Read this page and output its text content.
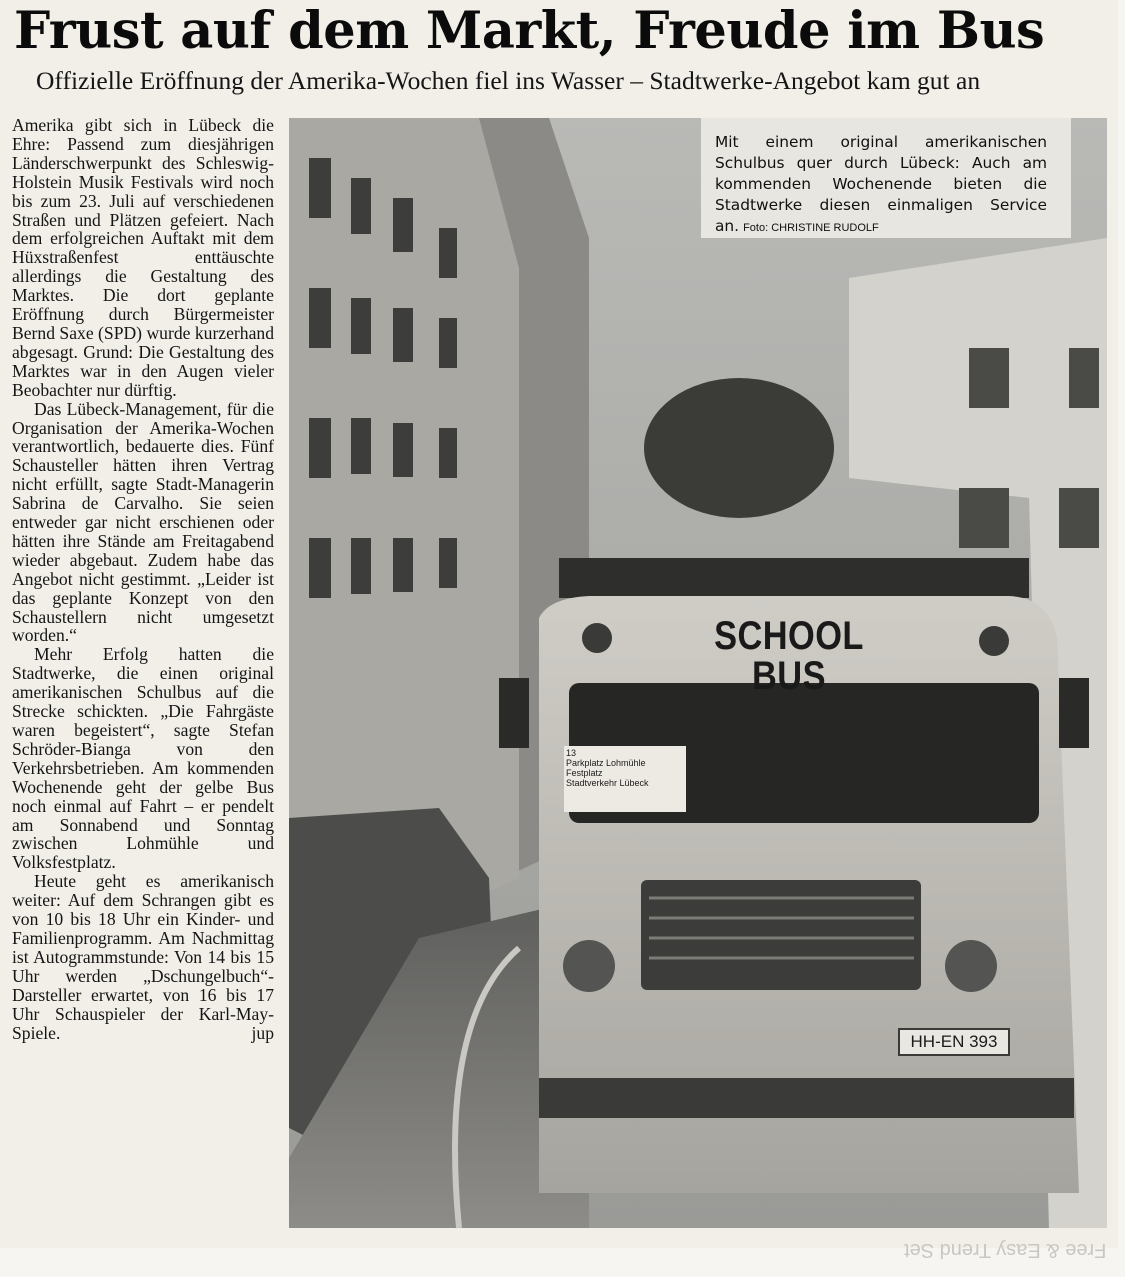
Frust auf dem Markt, Freude im Bus
Offizielle Eröffnung der Amerika-Wochen fiel ins Wasser – Stadtwerke-Angebot kam gut an

Amerika gibt sich in Lübeck die Ehre: Passend zum diesjährigen Länderschwerpunkt des Schleswig-Holstein Musik Festivals wird noch bis zum 23. Juli auf verschiedenen Straßen und Plätzen gefeiert. Nach dem erfolgreichen Auftakt mit dem Hüxstraßenfest enttäuschte allerdings die Gestaltung des Marktes. Die dort geplante Eröffnung durch Bürgermeister Bernd Saxe (SPD) wurde kurzerhand abgesagt. Grund: Die Gestaltung des Marktes war in den Augen vieler Beobachter nur dürftig.

Das Lübeck-Management, für die Organisation der Amerika-Wochen verantwortlich, bedauerte dies. Fünf Schausteller hätten ihren Vertrag nicht erfüllt, sagte Stadt-Managerin Sabrina de Carvalho. Sie seien entweder gar nicht erschienen oder hätten ihre Stände am Freitagabend wieder abgebaut. Zudem habe das Angebot nicht gestimmt. „Leider ist das geplante Konzept von den Schaustellern nicht umgesetzt worden.“

Mehr Erfolg hatten die Stadtwerke, die einen original amerikanischen Schulbus auf die Strecke schickten. „Die Fahrgäste waren begeistert“, sagte Stefan Schröder-Bianga von den Verkehrsbetrieben. Am kommenden Wochenende geht der gelbe Bus noch einmal auf Fahrt – er pendelt am Sonnabend und Sonntag zwischen Lohmühle und Volksfestplatz.

Heute geht es amerikanisch weiter: Auf dem Schrangen gibt es von 10 bis 18 Uhr ein Kinder- und Familienprogramm. Am Nachmittag ist Autogrammstunde: Von 14 bis 15 Uhr werden „Dschungelbuch“-Darsteller erwartet, von 16 bis 17 Uhr Schauspieler der Karl-May-Spiele.	jup

Mit einem original amerikanischen Schulbus quer durch Lübeck: Auch am kommenden Wochenende bieten die Stadtwerke diesen einmaligen Service an. Foto: CHRISTINE RUDOLF
SCHOOL BUS
13
Parkplatz Lohmühle
Festplatz
Stadtverkehr Lübeck
HH-EN 393
Free & Easy Trend Set
